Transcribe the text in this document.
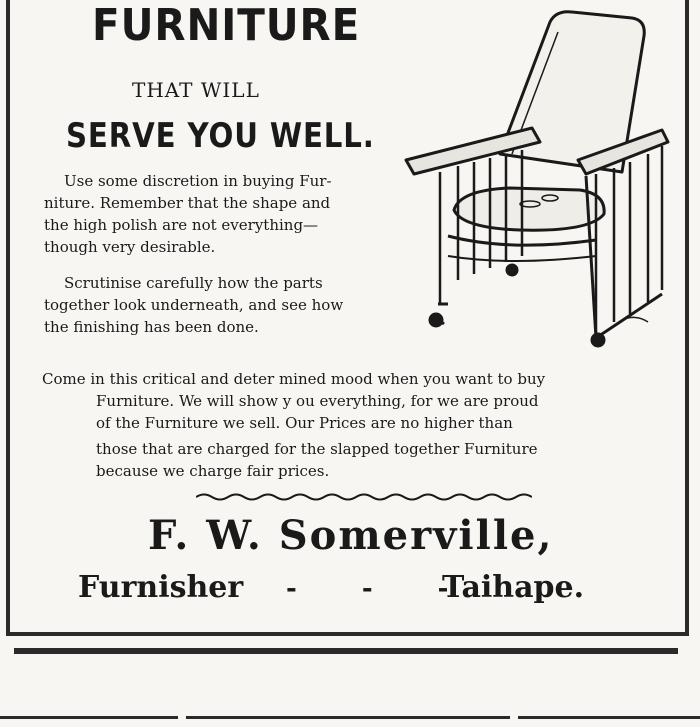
FURNITURE
THAT WILL
SERVE YOU WELL.
Use some discretion in buying Fur-
niture. Remember that the shape and
the high polish are not everything—
though very desirable.
Scrutinise carefully how the parts
together look underneath, and see how
the finishing has been done.
Come in this critical and deter mined mood when you want to buy
Furniture. We will show y ou everything, for we are proud
of the Furniture we sell. Our Prices are no higher than
those that are charged for the slapped together Furniture
because we charge fair prices.
F. W. Somerville,
Furnisher - - -
Taihape.
